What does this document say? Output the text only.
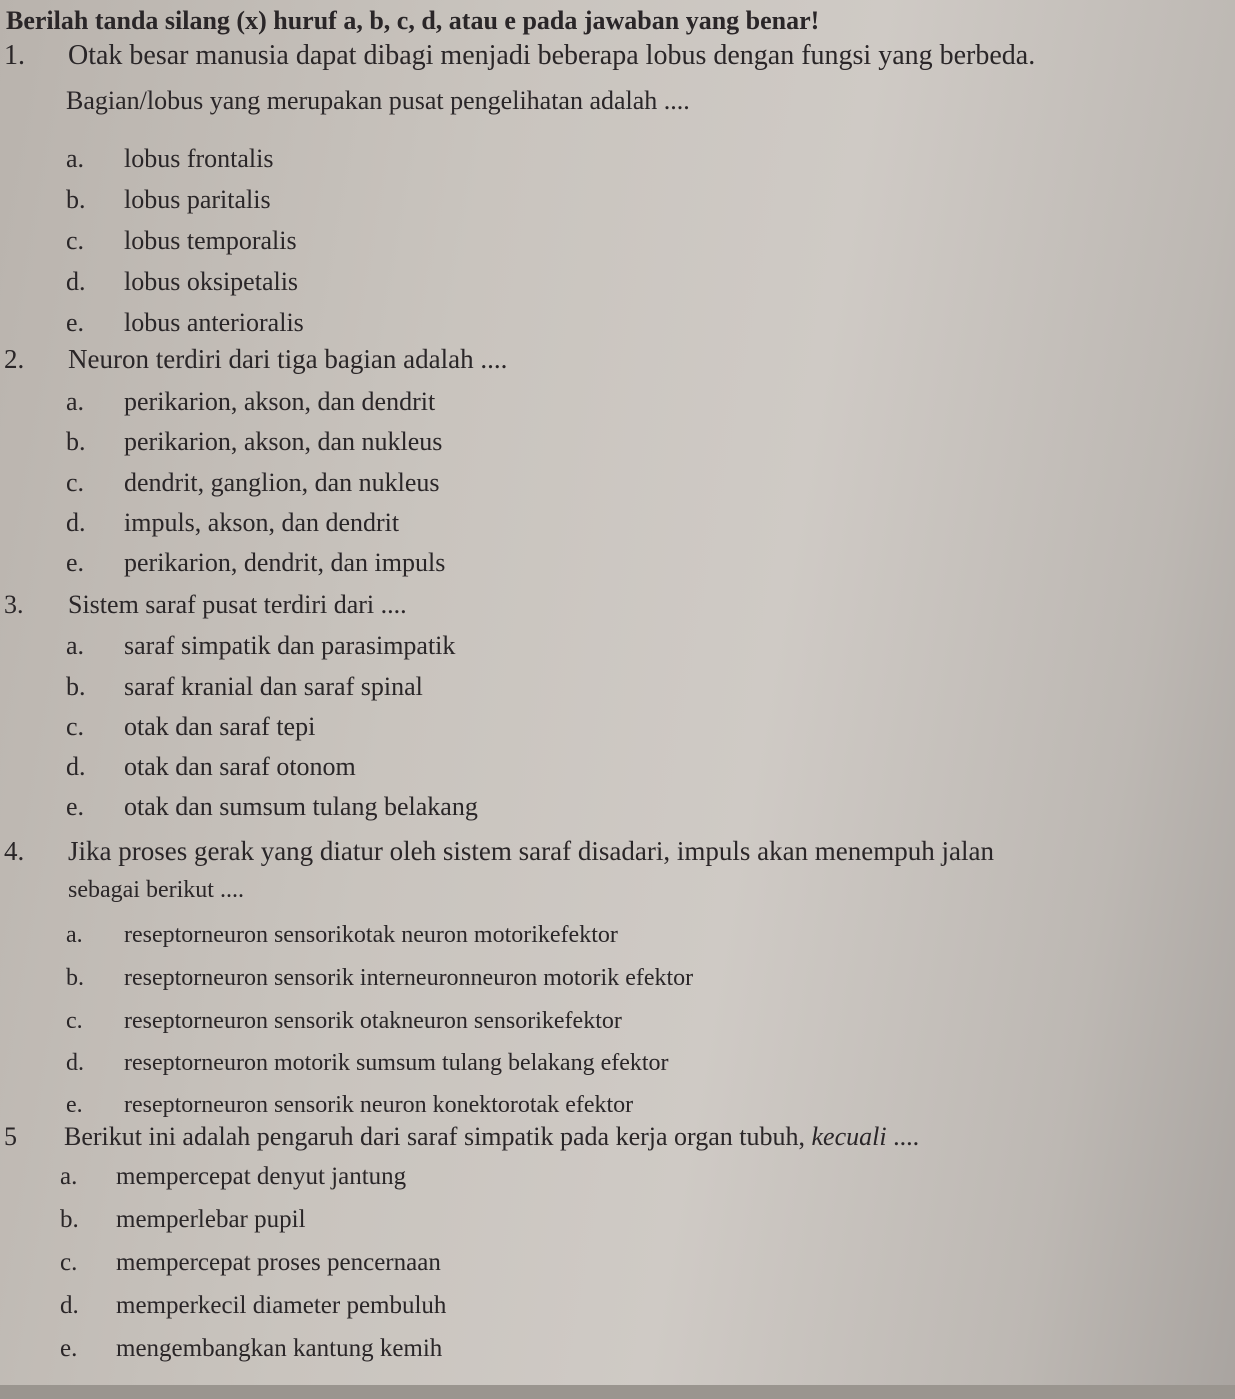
Berilah tanda silang (x) huruf a, b, c, d, atau e pada jawaban yang benar!
1. Otak besar manusia dapat dibagi menjadi beberapa lobus dengan fungsi yang berbeda.
Bagian/lobus yang merupakan pusat pengelihatan adalah ....
a. lobus frontalis
b. lobus paritalis
c. lobus temporalis
d. lobus oksipetalis
e. lobus anterioralis
2. Neuron terdiri dari tiga bagian adalah ....
a. perikarion, akson, dan dendrit
b. perikarion, akson, dan nukleus
c. dendrit, ganglion, dan nukleus
d. impuls, akson, dan dendrit
e. perikarion, dendrit, dan impuls
3. Sistem saraf pusat terdiri dari ....
a. saraf simpatik dan parasimpatik
b. saraf kranial dan saraf spinal
c. otak dan saraf tepi
d. otak dan saraf otonom
e. otak dan sumsum tulang belakang
4. Jika proses gerak yang diatur oleh sistem saraf disadari, impuls akan menempuh jalan
sebagai berikut ....
a. reseptorneuron sensorikotak neuron motorikefektor
b. reseptorneuron sensorik interneuronneuron motorik efektor
c. reseptorneuron sensorik otakneuron sensorikefektor
d. reseptorneuron motorik sumsum tulang belakang efektor
e. reseptorneuron sensorik neuron konektorotak efektor
5 Berikut ini adalah pengaruh dari saraf simpatik pada kerja organ tubuh, kecuali ....
a. mempercepat denyut jantung
b. memperlebar pupil
c. mempercepat proses pencernaan
d. memperkecil diameter pembuluh
e. mengembangkan kantung kemih
